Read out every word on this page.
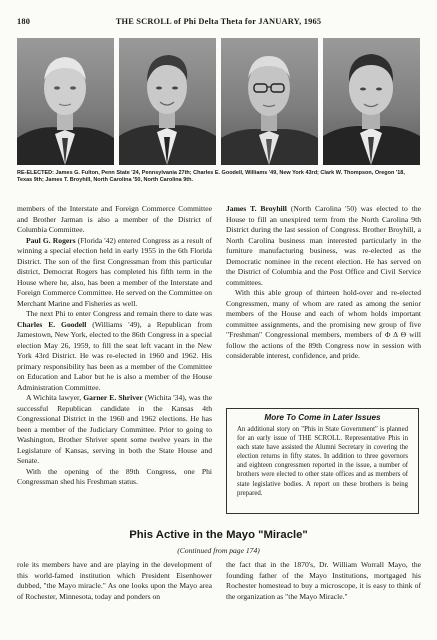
180	THE SCROLL of Phi Delta Theta for JANUARY, 1965
RE-ELECTED: James G. Fulton, Penn State '24, Pennsylvania 27th; Charles E. Goodell, Williams '49, New York 43rd; Clark W. Thompson, Oregon '18, Texas 9th; James T. Broyhill, North Carolina '50, North Carolina 9th.

members of the Interstate and Foreign Commerce Committee and Brother Jarman is also a member of the District of Columbia Committee.

Paul G. Rogers (Florida '42) entered Congress as a result of winning a special election held in early 1955 in the 6th Florida District. The son of the first Congressman from this particular district, Democrat Rogers has completed his fifth term in the House where he, also, has been a member of the Interstate and Foreign Commerce Committee. He served on the Committee on Merchant Marine and Fisheries as well.

The next Phi to enter Congress and remain there to date was Charles E. Goodell (Williams '49), a Republican from Jamestown, New York, elected to the 86th Congress in a special election May 26, 1959, to fill the seat left vacant in the New York 43rd District. He was re-elected in 1960 and 1962. His primary responsibility has been as a member of the Committee on Education and Labor but he is also a member of the House Administration Committee.

A Wichita lawyer, Garner E. Shriver (Wichita '34), was the successful Republican candidate in the Kansas 4th Congressional District in the 1960 and 1962 elections. He has been a member of the Judiciary Committee. Prior to going to Washington, Brother Shriver spent some twelve years in the Legislature of Kansas, serving in both the State House and Senate.

With the opening of the 89th Congress, one Phi Congressman shed his Freshman status.

James T. Broyhill (North Carolina '50) was elected to the House to fill an unexpired term from the North Carolina 9th District during the last session of Congress. Brother Broyhill, a North Carolina business man interested particularly in the furniture manufacturing business, was re-elected as the Democratic nominee in the recent election. He has served on the District of Columbia and the Post Office and Civil Service committees.

With this able group of thirteen hold-over and re-elected Congressmen, many of whom are rated as among the senior members of the House and each of whom holds important committee assignments, and the promising new group of five "Freshman" Congressional members, members of Φ Δ Θ will follow the actions of the 89th Congress now in session with considerable interest, confidence, and pride.

More To Come in Later Issues
An additional story on "Phis in State Government" is planned for an early issue of THE SCROLL. Representative Phis in each state have assisted the Alumni Secretary in covering the election returns in fifty states. In addition to three governors and eighteen congressmen reported in the issue, a number of brothers were elected to other state offices and as members of state legislative bodies. A report on these brothers is being prepared.
Phis Active in the Mayo "Miracle"
(Continued from page 174)

role its members have and are playing in the development of this world-famed institution which President Eisenhower dubbed, "the Mayo miracle." As one looks upon the Mayo area of Rochester, Minnesota, today and ponders on

the fact that in the 1870's, Dr. William Worrall Mayo, the founding father of the Mayo Institutions, mortgaged his Rochester homestead to buy a microscope, it is easy to think of the organization as "the Mayo Miracle."
